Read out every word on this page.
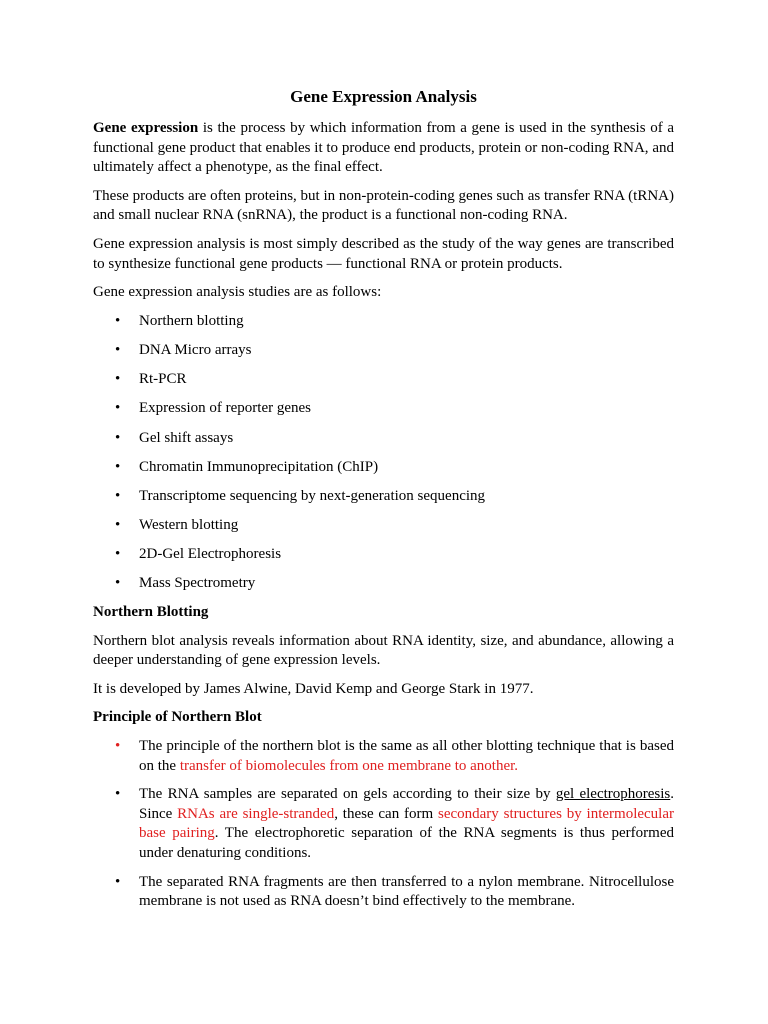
Gene Expression Analysis

Gene expression is the process by which information from a gene is used in the synthesis of a functional gene product that enables it to produce end products, protein or non-coding RNA, and ultimately affect a phenotype, as the final effect.

These products are often proteins, but in non-protein-coding genes such as transfer RNA (tRNA) and small nuclear RNA (snRNA), the product is a functional non-coding RNA.

Gene expression analysis is most simply described as the study of the way genes are transcribed to synthesize functional gene products — functional RNA or protein products.

Gene expression analysis studies are as follows:

• Northern blotting
• DNA Micro arrays
• Rt-PCR
• Expression of reporter genes
• Gel shift assays
• Chromatin Immunoprecipitation (ChIP)
• Transcriptome sequencing by next-generation sequencing
• Western blotting
• 2D-Gel Electrophoresis
• Mass Spectrometry
Northern Blotting

Northern blot analysis reveals information about RNA identity, size, and abundance, allowing a deeper understanding of gene expression levels.

It is developed by James Alwine, David Kemp and George Stark in 1977.

Principle of Northern Blot
• The principle of the northern blot is the same as all other blotting technique that is based on the transfer of biomolecules from one membrane to another.
• The RNA samples are separated on gels according to their size by gel electrophoresis. Since RNAs are single-stranded, these can form secondary structures by intermolecular base pairing. The electrophoretic separation of the RNA segments is thus performed under denaturing conditions.
• The separated RNA fragments are then transferred to a nylon membrane. Nitrocellulose membrane is not used as RNA doesn’t bind effectively to the membrane.
